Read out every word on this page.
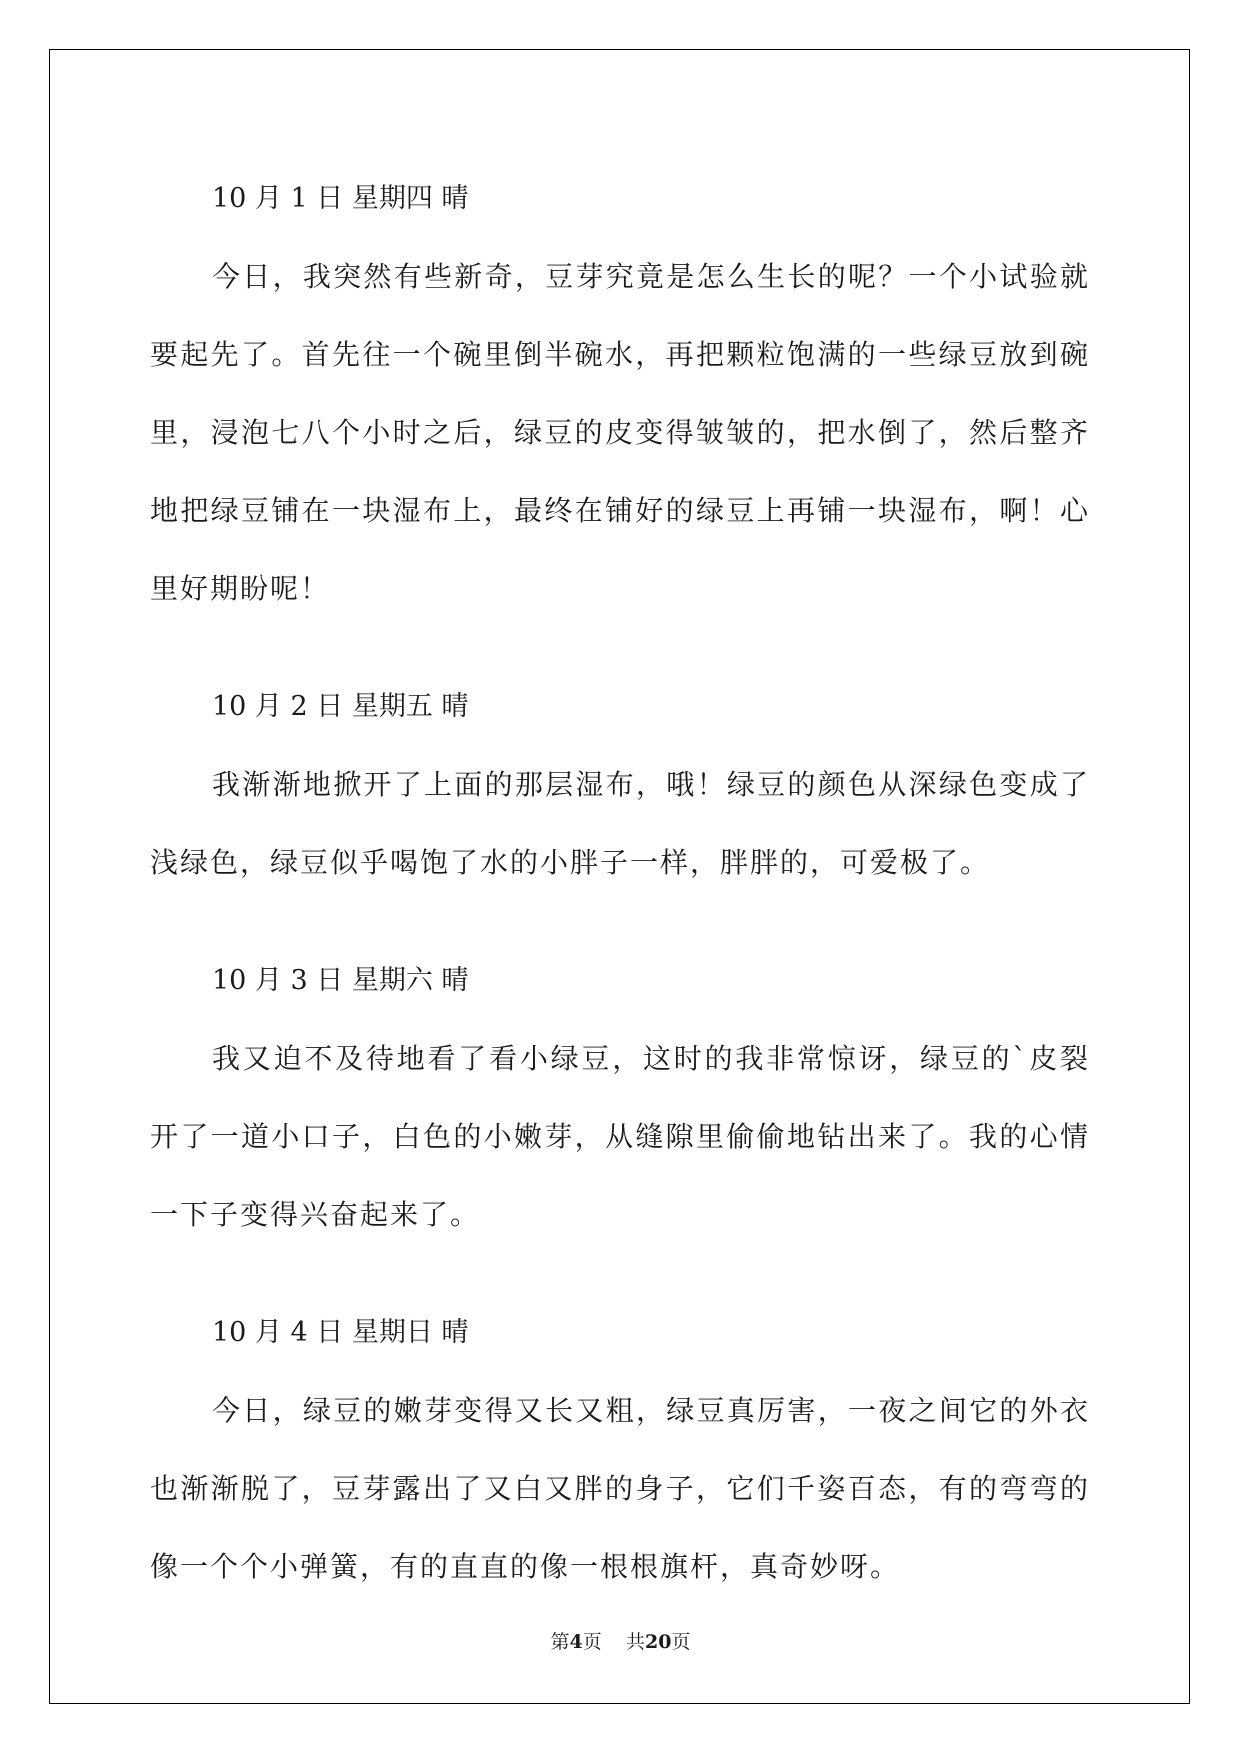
10 月 1 日 星期四 晴
今日，我突然有些新奇，豆芽究竟是怎么生长的呢？一个小试验就要起先了。首先往一个碗里倒半碗水，再把颗粒饱满的一些绿豆放到碗里，浸泡七八个小时之后，绿豆的皮变得皱皱的，把水倒了，然后整齐地把绿豆铺在一块湿布上，最终在铺好的绿豆上再铺一块湿布，啊！心里好期盼呢！
10 月 2 日 星期五 晴
我渐渐地掀开了上面的那层湿布，哦！绿豆的颜色从深绿色变成了浅绿色，绿豆似乎喝饱了水的小胖子一样，胖胖的，可爱极了。
10 月 3 日 星期六 晴
我又迫不及待地看了看小绿豆，这时的我非常惊讶，绿豆的`皮裂开了一道小口子，白色的小嫩芽，从缝隙里偷偷地钻出来了。我的心情一下子变得兴奋起来了。
10 月 4 日 星期日 晴
今日，绿豆的嫩芽变得又长又粗，绿豆真厉害，一夜之间它的外衣也渐渐脱了，豆芽露出了又白又胖的身子，它们千姿百态，有的弯弯的像一个个小弹簧，有的直直的像一根根旗杆，真奇妙呀。
第4页 共20页
